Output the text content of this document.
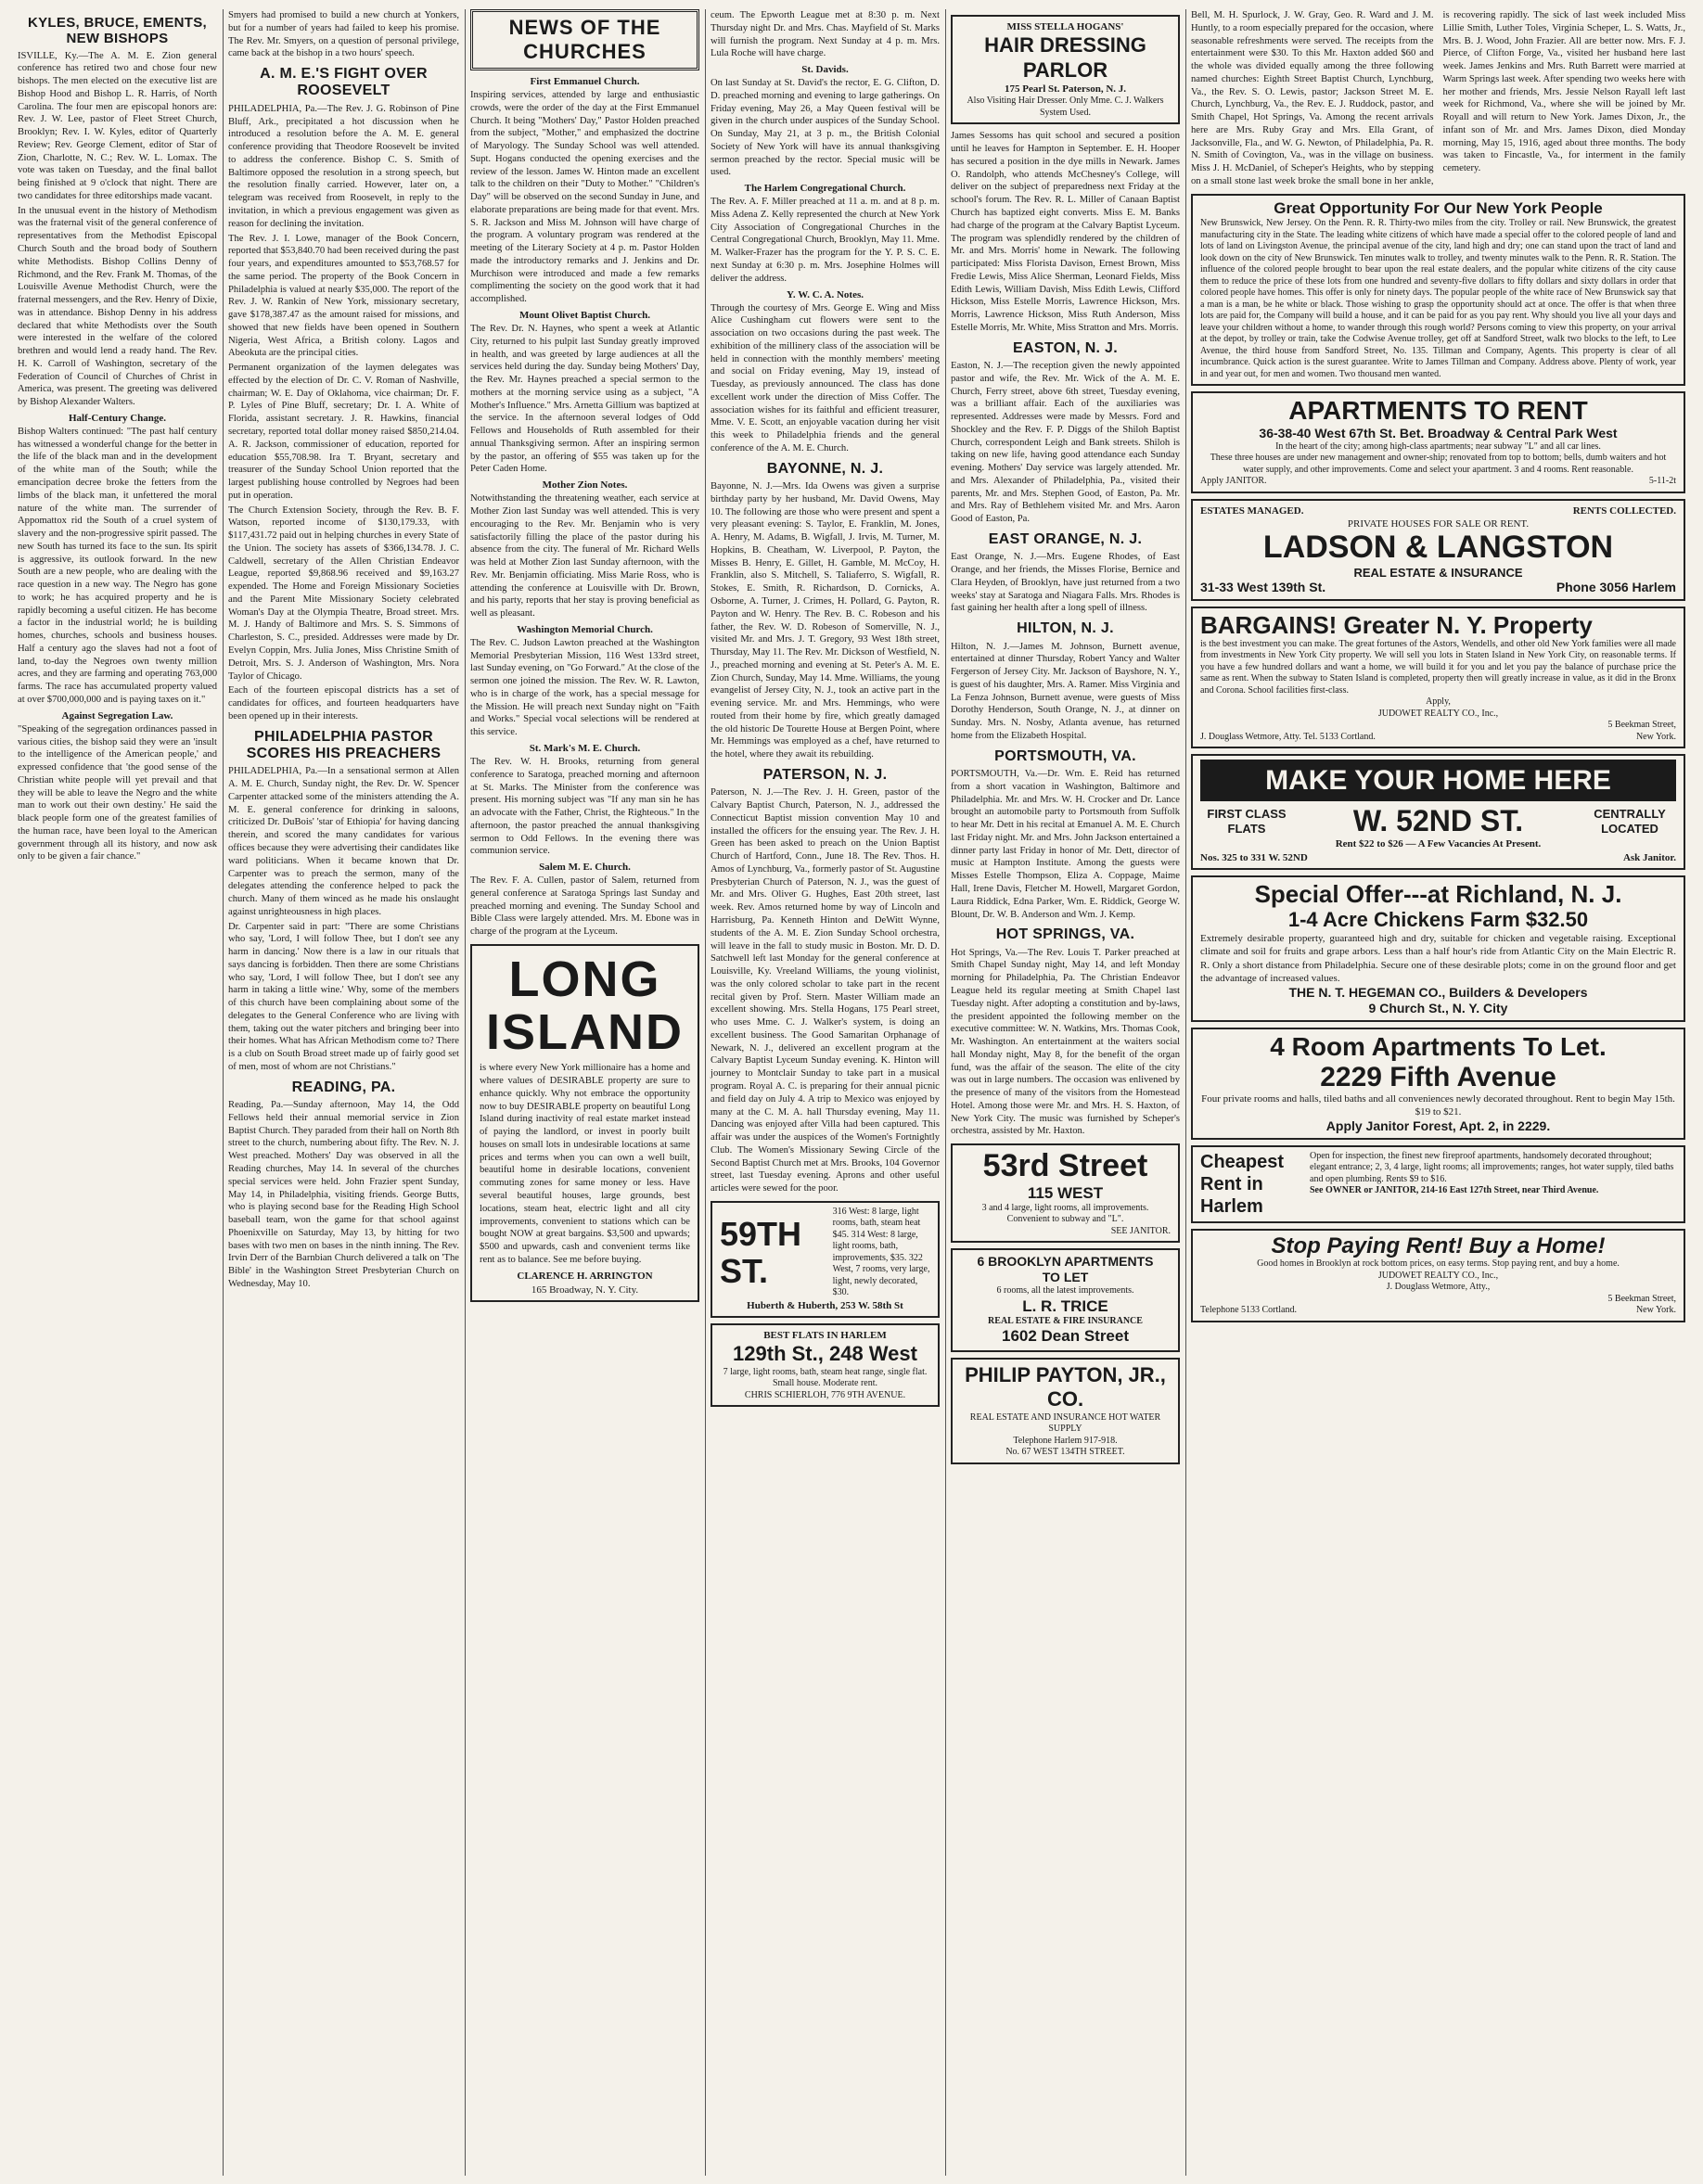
KYLES, BRUCE, EMENTS, NEW BISHOPS

ISVILLE, Ky.—The A. M. E. Zion general conference has retired two and chose four new bishops. The men elected on the executive list are Bishop Hood and Bishop L. R. Harris, of North Carolina. The four men are episcopal honors are: Rev. J. W. Lee, pastor of Fleet Street Church, Brooklyn; Rev. I. W. Kyles, editor of Quarterly Review; Rev. George Clement, editor of Star of Zion, Charlotte, N. C.; Rev. W. L. Lomax. The vote was taken on Tuesday, and the final ballot being finished at 9 o'clock that night. There are two candidates for three editorships made vacant.

In the unusual event in the history of Methodism was the fraternal visit of the general conference of representatives from the Methodist Episcopal Church South and the broad body of Southern white Methodists. Bishop Collins Denny of Richmond, and the Rev. Frank M. Thomas, of the Louisville Avenue Methodist Church, were the fraternal messengers, and the Rev. Henry of Dixie, was in attendance. Bishop Denny in his address declared that white Methodists over the South were interested in the welfare of the colored brethren and would lend a ready hand. The Rev. H. K. Carroll of Washington, secretary of the Federation of Council of Churches of Christ in America, was present. The greeting was delivered by Bishop Alexander Walters.

Half-Century Change.

Bishop Walters continued: "The past half century has witnessed a wonderful change for the better in the life of the black man and in the development of the white man of the South; while the emancipation decree broke the fetters from the limbs of the black man, it unfettered the moral nature of the white man. The surrender of Appomattox rid the South of a cruel system of slavery and the non-progressive spirit passed. The new South has turned its face to the sun. Its spirit is aggressive, its outlook forward. In the new South are a new people, who are dealing with the race question in a new way. The Negro has gone to work; he has acquired property and he is rapidly becoming a useful citizen. He has become a factor in the industrial world; he is building homes, churches, schools and business houses. Half a century ago the slaves had not a foot of land, to-day the Negroes own twenty million acres, and they are farming and operating 763,000 farms. The race has accumulated property valued at over $700,000,000 and is paying taxes on it."

Against Segregation Law.

"Speaking of the segregation ordinances passed in various cities, the bishop said they were an 'insult to the intelligence of the American people,' and expressed confidence that 'the good sense of the Christian white people will yet prevail and that they will be able to leave the Negro and the white man to work out their own destiny.' He said the black people form one of the greatest families of the human race, have been loyal to the American government through all its history, and now ask only to be given a fair chance."

Smyers had promised to build a new church at Yonkers, but for a number of years had failed to keep his promise. The Rev. Mr. Smyers, on a question of personal privilege, came back at the bishop in a two hours' speech.

A. M. E.'S FIGHT OVER ROOSEVELT

PHILADELPHIA, Pa.—The Rev. J. G. Robinson of Pine Bluff, Ark., precipitated a hot discussion when he introduced a resolution before the A. M. E. general conference providing that Theodore Roosevelt be invited to address the conference. Bishop C. S. Smith of Baltimore opposed the resolution in a strong speech, but the resolution finally carried. However, later on, a telegram was received from Roosevelt, in reply to the invitation, in which a previous engagement was given as reason for declining the invitation.

The Rev. J. I. Lowe, manager of the Book Concern, reported that $53,840.70 had been received during the past four years, and expenditures amounted to $53,768.57 for the same period. The property of the Book Concern in Philadelphia is valued at nearly $35,000. The report of the Rev. J. W. Rankin of New York, missionary secretary, gave $178,387.47 as the amount raised for missions, and showed that new fields have been opened in Southern Nigeria, West Africa, a British colony. Lagos and Abeokuta are the principal cities.

Permanent organization of the laymen delegates was effected by the election of Dr. C. V. Roman of Nashville, chairman; W. E. Day of Oklahoma, vice chairman; Dr. F. P. Lyles of Pine Bluff, secretary; Dr. I. A. White of Florida, assistant secretary. J. R. Hawkins, financial secretary, reported total dollar money raised $850,214.04. A. R. Jackson, commissioner of education, reported for education $55,708.98. Ira T. Bryant, secretary and treasurer of the Sunday School Union reported that the largest publishing house controlled by Negroes had been put in operation.

The Church Extension Society, through the Rev. B. F. Watson, reported income of $130,179.33, with $117,431.72 paid out in helping churches in every State of the Union. The society has assets of $366,134.78. J. C. Caldwell, secretary of the Allen Christian Endeavor League, reported $9,868.96 received and $9,163.27 expended. The Home and Foreign Missionary Societies and the Parent Mite Missionary Society celebrated Woman's Day at the Olympia Theatre, Broad street. Mrs. M. J. Handy of Baltimore and Mrs. S. S. Simmons of Charleston, S. C., presided. Addresses were made by Dr. Evelyn Coppin, Mrs. Julia Jones, Miss Christine Smith of Detroit, Mrs. S. J. Anderson of Washington, Mrs. Nora Taylor of Chicago.

Each of the fourteen episcopal districts has a set of candidates for offices, and fourteen headquarters have been opened up in their interests.

PHILADELPHIA PASTOR SCORES HIS PREACHERS

PHILADELPHIA, Pa.—In a sensational sermon at Allen A. M. E. Church, Sunday night, the Rev. Dr. W. Spencer Carpenter attacked some of the ministers attending the A. M. E. general conference for drinking in saloons, criticized Dr. DuBois' 'star of Ethiopia' for having dancing therein, and scored the many candidates for various offices because they were advertising their candidates like ward politicians. When it became known that Dr. Carpenter was to preach the sermon, many of the delegates attending the conference helped to pack the church. Many of them winced as he made his onslaught against unrighteousness in high places.

Dr. Carpenter said in part: "There are some Christians who say, 'Lord, I will follow Thee, but I don't see any harm in dancing.' Now there is a law in our rituals that says dancing is forbidden. Then there are some Christians who say, 'Lord, I will follow Thee, but I don't see any harm in taking a little wine.' Why, some of the members of this church have been complaining about some of the delegates to the General Conference who are living with them, taking out the water pitchers and bringing beer into their homes. What has African Methodism come to? There is a club on South Broad street made up of fairly good set of men, most of whom are not Christians."

READING, PA.

Reading, Pa.—Sunday afternoon, May 14, the Odd Fellows held their annual memorial service in Zion Baptist Church. They paraded from their hall on North 8th street to the church, numbering about fifty. The Rev. N. J. West preached. Mothers' Day was observed in all the Reading churches, May 14. In several of the churches special services were held. John Frazier spent Sunday, May 14, in Philadelphia, visiting friends. George Butts, who is playing second base for the Reading High School baseball team, won the game for that school against Phoenixville on Saturday, May 13, by hitting for two bases with two men on bases in the ninth inning. The Rev. Irvin Derr of the Barnbian Church delivered a talk on 'The Bible' in the Washington Street Presbyterian Church on Wednesday, May 10.

NEWS OF THE CHURCHES
First Emmanuel Church.

Inspiring services, attended by large and enthusiastic crowds, were the order of the day at the First Emmanuel Church. It being "Mothers' Day," Pastor Holden preached from the subject, "Mother," and emphasized the doctrine of Maryology. The Sunday School was well attended. Supt. Hogans conducted the opening exercises and the review of the lesson. James W. Hinton made an excellent talk to the children on their "Duty to Mother." "Children's Day" will be observed on the second Sunday in June, and elaborate preparations are being made for that event. Mrs. S. R. Jackson and Miss M. Johnson will have charge of the program. A voluntary program was rendered at the meeting of the Literary Society at 4 p. m. Pastor Holden made the introductory remarks and J. Jenkins and Dr. Murchison were introduced and made a few remarks complimenting the society on the good work that it had accomplished.

Mount Olivet Baptist Church.

The Rev. Dr. N. Haynes, who spent a week at Atlantic City, returned to his pulpit last Sunday greatly improved in health, and was greeted by large audiences at all the services held during the day. Sunday being Mothers' Day, the Rev. Mr. Haynes preached a special sermon to the mothers at the morning service using as a subject, "A Mother's Influence." Mrs. Arnetta Gillium was baptized at the service. In the afternoon several lodges of Odd Fellows and Households of Ruth assembled for their annual Thanksgiving sermon. After an inspiring sermon by the pastor, an offering of $55 was taken up for the Peter Caden Home.

Mother Zion Notes.

Notwithstanding the threatening weather, each service at Mother Zion last Sunday was well attended. This is very encouraging to the Rev. Mr. Benjamin who is very satisfactorily filling the place of the pastor during his absence from the city. The funeral of Mr. Richard Wells was held at Mother Zion last Sunday afternoon, with the Rev. Mr. Benjamin officiating. Miss Marie Ross, who is attending the conference at Louisville with Dr. Brown, and his party, reports that her stay is proving beneficial as well as pleasant.

Washington Memorial Church.

The Rev. C. Judson Lawton preached at the Washington Memorial Presbyterian Mission, 116 West 133rd street, last Sunday evening, on "Go Forward." At the close of the sermon one joined the mission. The Rev. W. R. Lawton, who is in charge of the work, has a special message for the Mission. He will preach next Sunday night on "Faith and Works." Special vocal selections will be rendered at this service.

St. Mark's M. E. Church.

The Rev. W. H. Brooks, returning from general conference to Saratoga, preached morning and afternoon at St. Marks. The Minister from the conference was present. His morning subject was "If any man sin he has an advocate with the Father, Christ, the Righteous." In the afternoon, the pastor preached the annual thanksgiving sermon to Odd Fellows. In the evening there was communion service.

Salem M. E. Church.

The Rev. F. A. Cullen, pastor of Salem, returned from general conference at Saratoga Springs last Sunday and preached morning and evening. The Sunday School and Bible Class were largely attended. Mrs. M. Ebone was in charge of the program at the Lyceum.

LONG ISLAND

is where every New York millionaire has a home and where values of DESIRABLE property are sure to enhance quickly. Why not embrace the opportunity now to buy DESIRABLE property on beautiful Long Island during inactivity of real estate market instead of paying the landlord, or invest in poorly built houses on small lots in undesirable locations at same prices and terms when you can own a well built, beautiful home in desirable locations, convenient commuting zones for same money or less. Have several beautiful houses, large grounds, best locations, steam heat, electric light and all city improvements, convenient to stations which can be bought NOW at great bargains. $3,500 and upwards; $500 and upwards, cash and convenient terms like rent as to balance. See me before buying.

CLARENCE H. ARRINGTON
165 Broadway, N. Y. City.

ceum. The Epworth League met at 8:30 p. m. Next Thursday night Dr. and Mrs. Chas. Mayfield of St. Marks will furnish the program. Next Sunday at 4 p. m. Mrs. Lula Roche will have charge.

St. Davids.

On last Sunday at St. David's the rector, E. G. Clifton, D. D. preached morning and evening to large gatherings. On Friday evening, May 26, a May Queen festival will be given in the church under auspices of the Sunday School. On Sunday, May 21, at 3 p. m., the British Colonial Society of New York will have its annual thanksgiving sermon preached by the rector. Special music will be used.

The Harlem Congregational Church.

The Rev. A. F. Miller preached at 11 a. m. and at 8 p. m. Miss Adena Z. Kelly represented the church at New York City Association of Congregational Churches in the Central Congregational Church, Brooklyn, May 11. Mme. M. Walker-Frazer has the program for the Y. P. S. C. E. next Sunday at 6:30 p. m. Mrs. Josephine Holmes will deliver the address.

Y. W. C. A. Notes.

Through the courtesy of Mrs. George E. Wing and Miss Alice Cushingham cut flowers were sent to the association on two occasions during the past week. The exhibition of the millinery class of the association will be held in connection with the monthly members' meeting and social on Friday evening, May 19, instead of Tuesday, as previously announced. The class has done excellent work under the direction of Miss Coffer. The association wishes for its faithful and efficient treasurer, Mme. V. E. Scott, an enjoyable vacation during her visit this week to Philadelphia friends and the general conference of the A. M. E. Church.

BAYONNE, N. J.

Bayonne, N. J.—Mrs. Ida Owens was given a surprise birthday party by her husband, Mr. David Owens, May 10. The following are those who were present and spent a very pleasant evening: S. Taylor, E. Franklin, M. Jones, A. Henry, M. Adams, B. Wigfall, J. Irvis, M. Turner, M. Hopkins, B. Cheatham, W. Liverpool, P. Payton, the Misses B. Henry, E. Gillet, H. Gamble, M. McCoy, H. Franklin, also S. Mitchell, S. Taliaferro, S. Wigfall, R. Stokes, E. Smith, R. Richardson, D. Cornicks, A. Osborne, A. Turner, J. Crimes, H. Pollard, G. Payton, R. Payton and W. Henry. The Rev. B. C. Robeson and his father, the Rev. W. D. Robeson of Somerville, N. J., visited Mr. and Mrs. J. T. Gregory, 93 West 18th street, Thursday, May 11. The Rev. Mr. Dickson of Westfield, N. J., preached morning and evening at St. Peter's A. M. E. Zion Church, Sunday, May 14. Mme. Williams, the young evangelist of Jersey City, N. J., took an active part in the evening service. Mr. and Mrs. Hemmings, who were routed from their home by fire, which greatly damaged the old historic De Tourette House at Bergen Point, where Mr. Hemmings was employed as a chef, have returned to the hotel, where they await its rebuilding.

PATERSON, N. J.

Paterson, N. J.—The Rev. J. H. Green, pastor of the Calvary Baptist Church, Paterson, N. J., addressed the Connecticut Baptist mission convention May 10 and installed the officers for the ensuing year. The Rev. J. H. Green has been asked to preach on the Union Baptist Church of Hartford, Conn., June 18. The Rev. Thos. H. Amos of Lynchburg, Va., formerly pastor of St. Augustine Presbyterian Church of Paterson, N. J., was the guest of Mr. and Mrs. Oliver G. Hughes, East 20th street, last week. Rev. Amos returned home by way of Lincoln and Harrisburg, Pa. Kenneth Hinton and DeWitt Wynne, students of the A. M. E. Zion Sunday School orchestra, will leave in the fall to study music in Boston. Mr. D. D. Satchwell left last Monday for the general conference at Louisville, Ky. Vreeland Williams, the young violinist, was the only colored scholar to take part in the recent recital given by Prof. Stern. Master William made an excellent showing. Mrs. Stella Hogans, 175 Pearl street, who uses Mme. C. J. Walker's system, is doing an excellent business. The Good Samaritan Orphanage of Newark, N. J., delivered an excellent program at the Calvary Baptist Lyceum Sunday evening. K. Hinton will journey to Montclair Sunday to take part in a musical program. Royal A. C. is preparing for their annual picnic and field day on July 4. A trip to Mexico was enjoyed by many at the C. M. A. hall Thursday evening, May 11. Dancing was enjoyed after Villa had been captured. This affair was under the auspices of the Women's Fortnightly Club. The Women's Missionary Sewing Circle of the Second Baptist Church met at Mrs. Brooks, 104 Governor street, last Tuesday evening. Aprons and other useful articles were sewed for the poor.

59TH ST.
316 West: 8 large, light rooms, bath, steam heat $45. 314 West: 8 large, light rooms, bath, improvements, $35. 322 West, 7 rooms, very large, light, newly decorated, $30.
Huberth & Huberth, 253 W. 58th St
BEST FLATS IN HARLEM
129th St., 248 West
7 large, light rooms, bath, steam heat range, single flat. Small house. Moderate rent.
CHRIS SCHIERLOH, 776 9TH AVENUE.
MISS STELLA HOGANS'
HAIR DRESSING PARLOR
175 Pearl St. Paterson, N. J.
Also Visiting Hair Dresser. Only Mme. C. J. Walkers System Used.

James Sessoms has quit school and secured a position until he leaves for Hampton in September. E. H. Hooper has secured a position in the dye mills in Newark. James O. Randolph, who attends McChesney's College, will deliver on the subject of preparedness next Friday at the school's forum. The Rev. R. L. Miller of Canaan Baptist Church has baptized eight converts. Miss E. M. Banks had charge of the program at the Calvary Baptist Lyceum. The program was splendidly rendered by the children of Mr. and Mrs. Morris' home in Newark. The following participated: Miss Florista Davison, Ernest Brown, Miss Fredie Lewis, Miss Alice Sherman, Leonard Fields, Miss Edith Lewis, William Davish, Miss Edith Lewis, Clifford Hickson, Miss Estelle Morris, Lawrence Hickson, Mrs. Morris, Lawrence Hickson, Miss Ruth Anderson, Miss Estelle Morris, Mr. White, Miss Stratton and Mrs. Morris.

EASTON, N. J.

Easton, N. J.—The reception given the newly appointed pastor and wife, the Rev. Mr. Wick of the A. M. E. Church, Ferry street, above 6th street, Tuesday evening, was a brilliant affair. Each of the auxiliaries was represented. Addresses were made by Messrs. Ford and Shockley and the Rev. F. P. Diggs of the Shiloh Baptist Church, correspondent Leigh and Bank streets. Shiloh is taking on new life, having good attendance each Sunday evening. Mothers' Day service was largely attended. Mr. and Mrs. Alexander of Philadelphia, Pa., visited their parents, Mr. and Mrs. Stephen Good, of Easton, Pa. Mr. and Mrs. Ray of Bethlehem visited Mr. and Mrs. Aaron Good of Easton, Pa.

EAST ORANGE, N. J.

East Orange, N. J.—Mrs. Eugene Rhodes, of East Orange, and her friends, the Misses Florise, Bernice and Clara Heyden, of Brooklyn, have just returned from a two weeks' stay at Saratoga and Niagara Falls. Mrs. Rhodes is fast gaining her health after a long spell of illness.

HILTON, N. J.

Hilton, N. J.—James M. Johnson, Burnett avenue, entertained at dinner Thursday, Robert Yancy and Walter Fergerson of Jersey City. Mr. Jackson of Bayshore, N. Y., is guest of his daughter, Mrs. A. Ramer. Miss Virginia and La Fenza Johnson, Burnett avenue, were guests of Miss Dorothy Henderson, South Orange, N. J., at dinner on Sunday. Mrs. N. Nosby, Atlanta avenue, has returned home from the Elizabeth Hospital.

PORTSMOUTH, VA.

PORTSMOUTH, Va.—Dr. Wm. E. Reid has returned from a short vacation in Washington, Baltimore and Philadelphia. Mr. and Mrs. W. H. Crocker and Dr. Lance brought an automobile party to Portsmouth from Suffolk to hear Mr. Dett in his recital at Emanuel A. M. E. Church last Friday night. Mr. and Mrs. John Jackson entertained a dinner party last Friday in honor of Mr. Dett, director of music at Hampton Institute. Among the guests were Misses Estelle Thompson, Eliza A. Coppage, Maime Hall, Irene Davis, Fletcher M. Howell, Margaret Gordon, Laura Riddick, Edna Parker, Wm. E. Riddick, George W. Blount, Dr. W. B. Anderson and Wm. J. Kemp.

HOT SPRINGS, VA.

Hot Springs, Va.—The Rev. Louis T. Parker preached at Smith Chapel Sunday night, May 14, and left Monday morning for Philadelphia, Pa. The Christian Endeavor League held its regular meeting at Smith Chapel last Tuesday night. After adopting a constitution and by-laws, the president appointed the following member on the executive committee: W. N. Watkins, Mrs. Thomas Cook, Mr. Washington. An entertainment at the waiters social hall Monday night, May 8, for the benefit of the organ fund, was the affair of the season. The elite of the city was out in large numbers. The occasion was enlivened by the presence of many of the visitors from the Homestead Hotel. Among those were Mr. and Mrs. H. S. Haxton, of New York City. The music was furnished by Scheper's orchestra, assisted by Mr. Haxton.

53rd Street
115 WEST
3 and 4 large, light rooms, all improvements. Convenient to subway and "L".
SEE JANITOR.
6 BROOKLYN APARTMENTS
TO LET
6 rooms, all the latest improvements.
L. R. TRICE
REAL ESTATE & FIRE INSURANCE
1602 Dean Street
PHILIP PAYTON, JR., CO.
REAL ESTATE AND INSURANCE HOT WATER SUPPLY
Telephone Harlem 917-918.
No. 67 WEST 134TH STREET.

Bell, M. H. Spurlock, J. W. Gray, Geo. R. Ward and J. M. Huntly, to a room especially prepared for the occasion, where seasonable refreshments were served. The receipts from the entertainment were $30. To this Mr. Haxton added $60 and the whole was divided equally among the three following named churches: Eighth Street Baptist Church, Lynchburg, Va., the Rev. S. O. Lewis, pastor; Jackson Street M. E. Church, Lynchburg, Va., the Rev. E. J. Ruddock, pastor, and Smith Chapel, Hot Springs, Va. Among the recent arrivals here are Mrs. Ruby Gray and Mrs. Ella Grant, of Jacksonville, Fla., and W. G. Newton, of Philadelphia, Pa. R. N. Smith of Covington, Va., was in the village on business. Miss J. H. McDaniel, of Scheper's Heights, who by stepping on a small stone last week broke the small bone in her ankle, is recovering rapidly. The sick of last week included Miss Lillie Smith, Luther Toles, Virginia Scheper, L. S. Watts, Jr., Mrs. B. J. Wood, John Frazier. All are better now. Mrs. F. J. Pierce, of Clifton Forge, Va., visited her husband here last week. James Jenkins and Mrs. Ruth Barrett were married at Warm Springs last week. After spending two weeks here with her mother and friends, Mrs. Jessie Nelson Rayall left last week for Richmond, Va., where she will be joined by Mr. Royall and will return to New York. James Dixon, Jr., the infant son of Mr. and Mrs. James Dixon, died Monday morning, May 15, 1916, aged about three months. The body was taken to Fincastle, Va., for interment in the family cemetery.

Great Opportunity For Our New York People
New Brunswick, New Jersey. On the Penn. R. R. Thirty-two miles from the city. Trolley or rail. New Brunswick, the greatest manufacturing city in the State. The leading white citizens of which have made a special offer to the colored people of land and lots of land on Livingston Avenue, the principal avenue of the city, land high and dry; one can stand upon the tract of land and look down on the city of New Brunswick. Ten minutes walk to trolley, and twenty minutes walk to the Penn. R. R. Station. The influence of the colored people brought to bear upon the real estate dealers, and the popular white citizens of the city cause them to reduce the price of these lots from one hundred and seventy-five dollars to fifty dollars and sixty dollars in order that colored people have homes. This offer is only for ninety days. The popular people of the white race of New Brunswick say that a man is a man, be he white or black. Those wishing to grasp the opportunity should act at once. The offer is that when three lots are paid for, the Company will build a house, and it can be paid for as you pay rent. Why should you live all your days and leave your children without a home, to wander through this rough world? Persons coming to view this property, on your arrival at the depot, by trolley or train, take the Codwise Avenue trolley, get off at Sandford Street, walk two blocks to the left, to Lee Avenue, the third house from Sandford Street, No. 135. Tillman and Company, Agents. This property is clear of all incumbrance. Quick action is the surest guarantee. Write to James Tillman and Company. Address above. Plenty of work, year in and year out, for men and women. Two thousand men wanted.
APARTMENTS TO RENT
36-38-40 West 67th St. Bet. Broadway & Central Park West
In the heart of the city; among high-class apartments; near subway "L" and all car lines.
These three houses are under new management and owner-ship; renovated from top to bottom; bells, dumb waiters and hot water supply, and other improvements. Come and select your apartment. 3 and 4 rooms. Rent reasonable.
Apply JANITOR.	5-11-2t
ESTATES MANAGED.	RENTS COLLECTED.
PRIVATE HOUSES FOR SALE OR RENT.
LADSON & LANGSTON
REAL ESTATE & INSURANCE
31-33 West 139th St.	Phone 3056 Harlem
BARGAINS! Greater N. Y. Property
is the best investment you can make. The great fortunes of the Astors, Wendells, and other old New York families were all made from investments in New York City property. We will sell you lots in Staten Island in New York City, on reasonable terms. If you have a few hundred dollars and want a home, we will build it for you and let you pay the balance of purchase price the same as rent. When the subway to Staten Island is completed, property then will greatly increase in value, as it did in the Bronx and Corona. School facilities first-class.
Apply,
JUDOWET REALTY CO., Inc.,
5 Beekman Street,
J. Douglass Wetmore, Atty. Tel. 5133 Cortland.	New York.
MAKE YOUR HOME HERE
FIRST CLASS FLATS	W. 52ND ST.	CENTRALLY LOCATED
Rent $22 to $26 — A Few Vacancies At Present.
Nos. 325 to 331 W. 52ND	Ask Janitor.
Special Offer---at Richland, N. J.
1-4 Acre Chickens Farm $32.50
Extremely desirable property, guaranteed high and dry, suitable for chicken and vegetable raising. Exceptional climate and soil for fruits and grape arbors. Less than a half hour's ride from Atlantic City on the Main Electric R. R. Only a short distance from Philadelphia. Secure one of these desirable plots; come in on the ground floor and get the advantage of increased values.
THE N. T. HEGEMAN CO., Builders & Developers
9 Church St., N. Y. City
4 Room Apartments To Let.
2229 Fifth Avenue
Four private rooms and halls, tiled baths and all conveniences newly decorated throughout. Rent to begin May 15th. $19 to $21.
Apply Janitor Forest, Apt. 2, in 2229.
Cheapest Rent in Harlem
Open for inspection, the finest new fireproof apartments, handsomely decorated throughout; elegant entrance; 2, 3, 4 large, light rooms; all improvements; ranges, hot water supply, tiled baths and open plumbing. Rents $9 to $16.
See OWNER or JANITOR, 214-16 East 127th Street, near Third Avenue.
Stop Paying Rent! Buy a Home!
Good homes in Brooklyn at rock bottom prices, on easy terms. Stop paying rent, and buy a home.
JUDOWET REALTY CO., Inc.,
J. Douglass Wetmore, Atty.,
5 Beekman Street,
Telephone 5133 Cortland.	New York.
